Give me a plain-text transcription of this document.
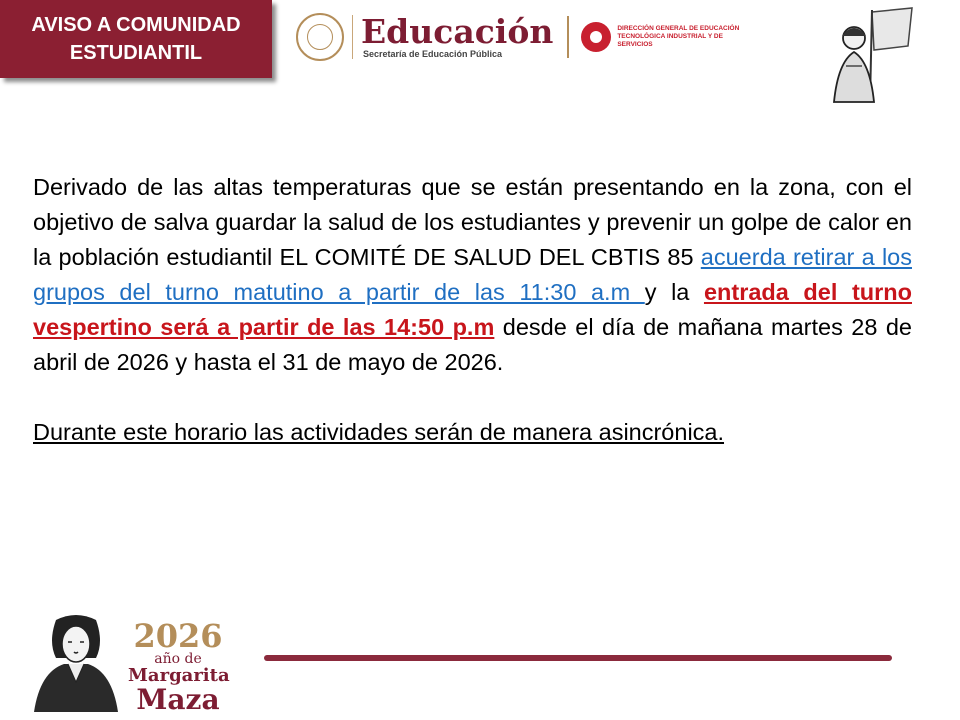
AVISO A COMUNIDAD
ESTUDIANTIL
Educación
Secretaría de Educación Pública
DIRECCIÓN GENERAL DE EDUCACIÓN TECNOLÓGICA INDUSTRIAL Y DE SERVICIOS

Derivado de las altas temperaturas que se están presentando en la zona, con el objetivo de salva guardar la salud de los estudiantes y prevenir un golpe de calor en la población estudiantil EL COMITÉ DE SALUD DEL CBTIS 85 acuerda retirar a los grupos del turno matutino a partir de las 11:30 a.m y la entrada del turno vespertino será a partir de las 14:50 p.m desde el día de mañana martes 28 de abril de 2026 y hasta el 31 de mayo de 2026.

Durante este horario las actividades serán de manera asincrónica.

2026
año de
Margarita
Maza
